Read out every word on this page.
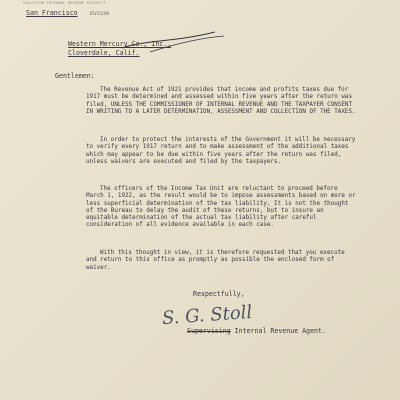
COLLECTOR INTERNAL REVENUE DISTRICT
San Francisco	DIVISION
Western Mercury Co., Inc.,
Cloverdale, Calif.
Gentlemen:
The Revenue Act of 1921 provides that income and profits taxes due for 1917 must be determined and assessed within five years after the return was filed, UNLESS THE COMMISSIONER OF INTERNAL REVENUE AND THE TAXPAYER CONSENT IN WRITING TO A LATER DETERMINATION, ASSESSMENT AND COLLECTION OF THE TAXES.
In order to protect the interests of the Government it will be necessary to verify every 1917 return and to make assessment of the additional taxes which may appear to be due within five years after the return was filed, unless waivers are executed and filed by the taxpayers.
The officers of the Income Tax Unit are reluctant to proceed before March 1, 1922, as the result would be to impose assessments based on more or less superficial determination of the tax liability. It is not the thought of the Bureau to delay the audit of these returns, but to insure an equitable determination of the actual tax liability after careful consideration of all evidence available in each case.
With this thought in view, it is therefore requested that you execute and return to this office as promptly as possible the enclosed form of waiver.
Respectfully,
S. G. Stoll
Supervising Internal Revenue Agent.
